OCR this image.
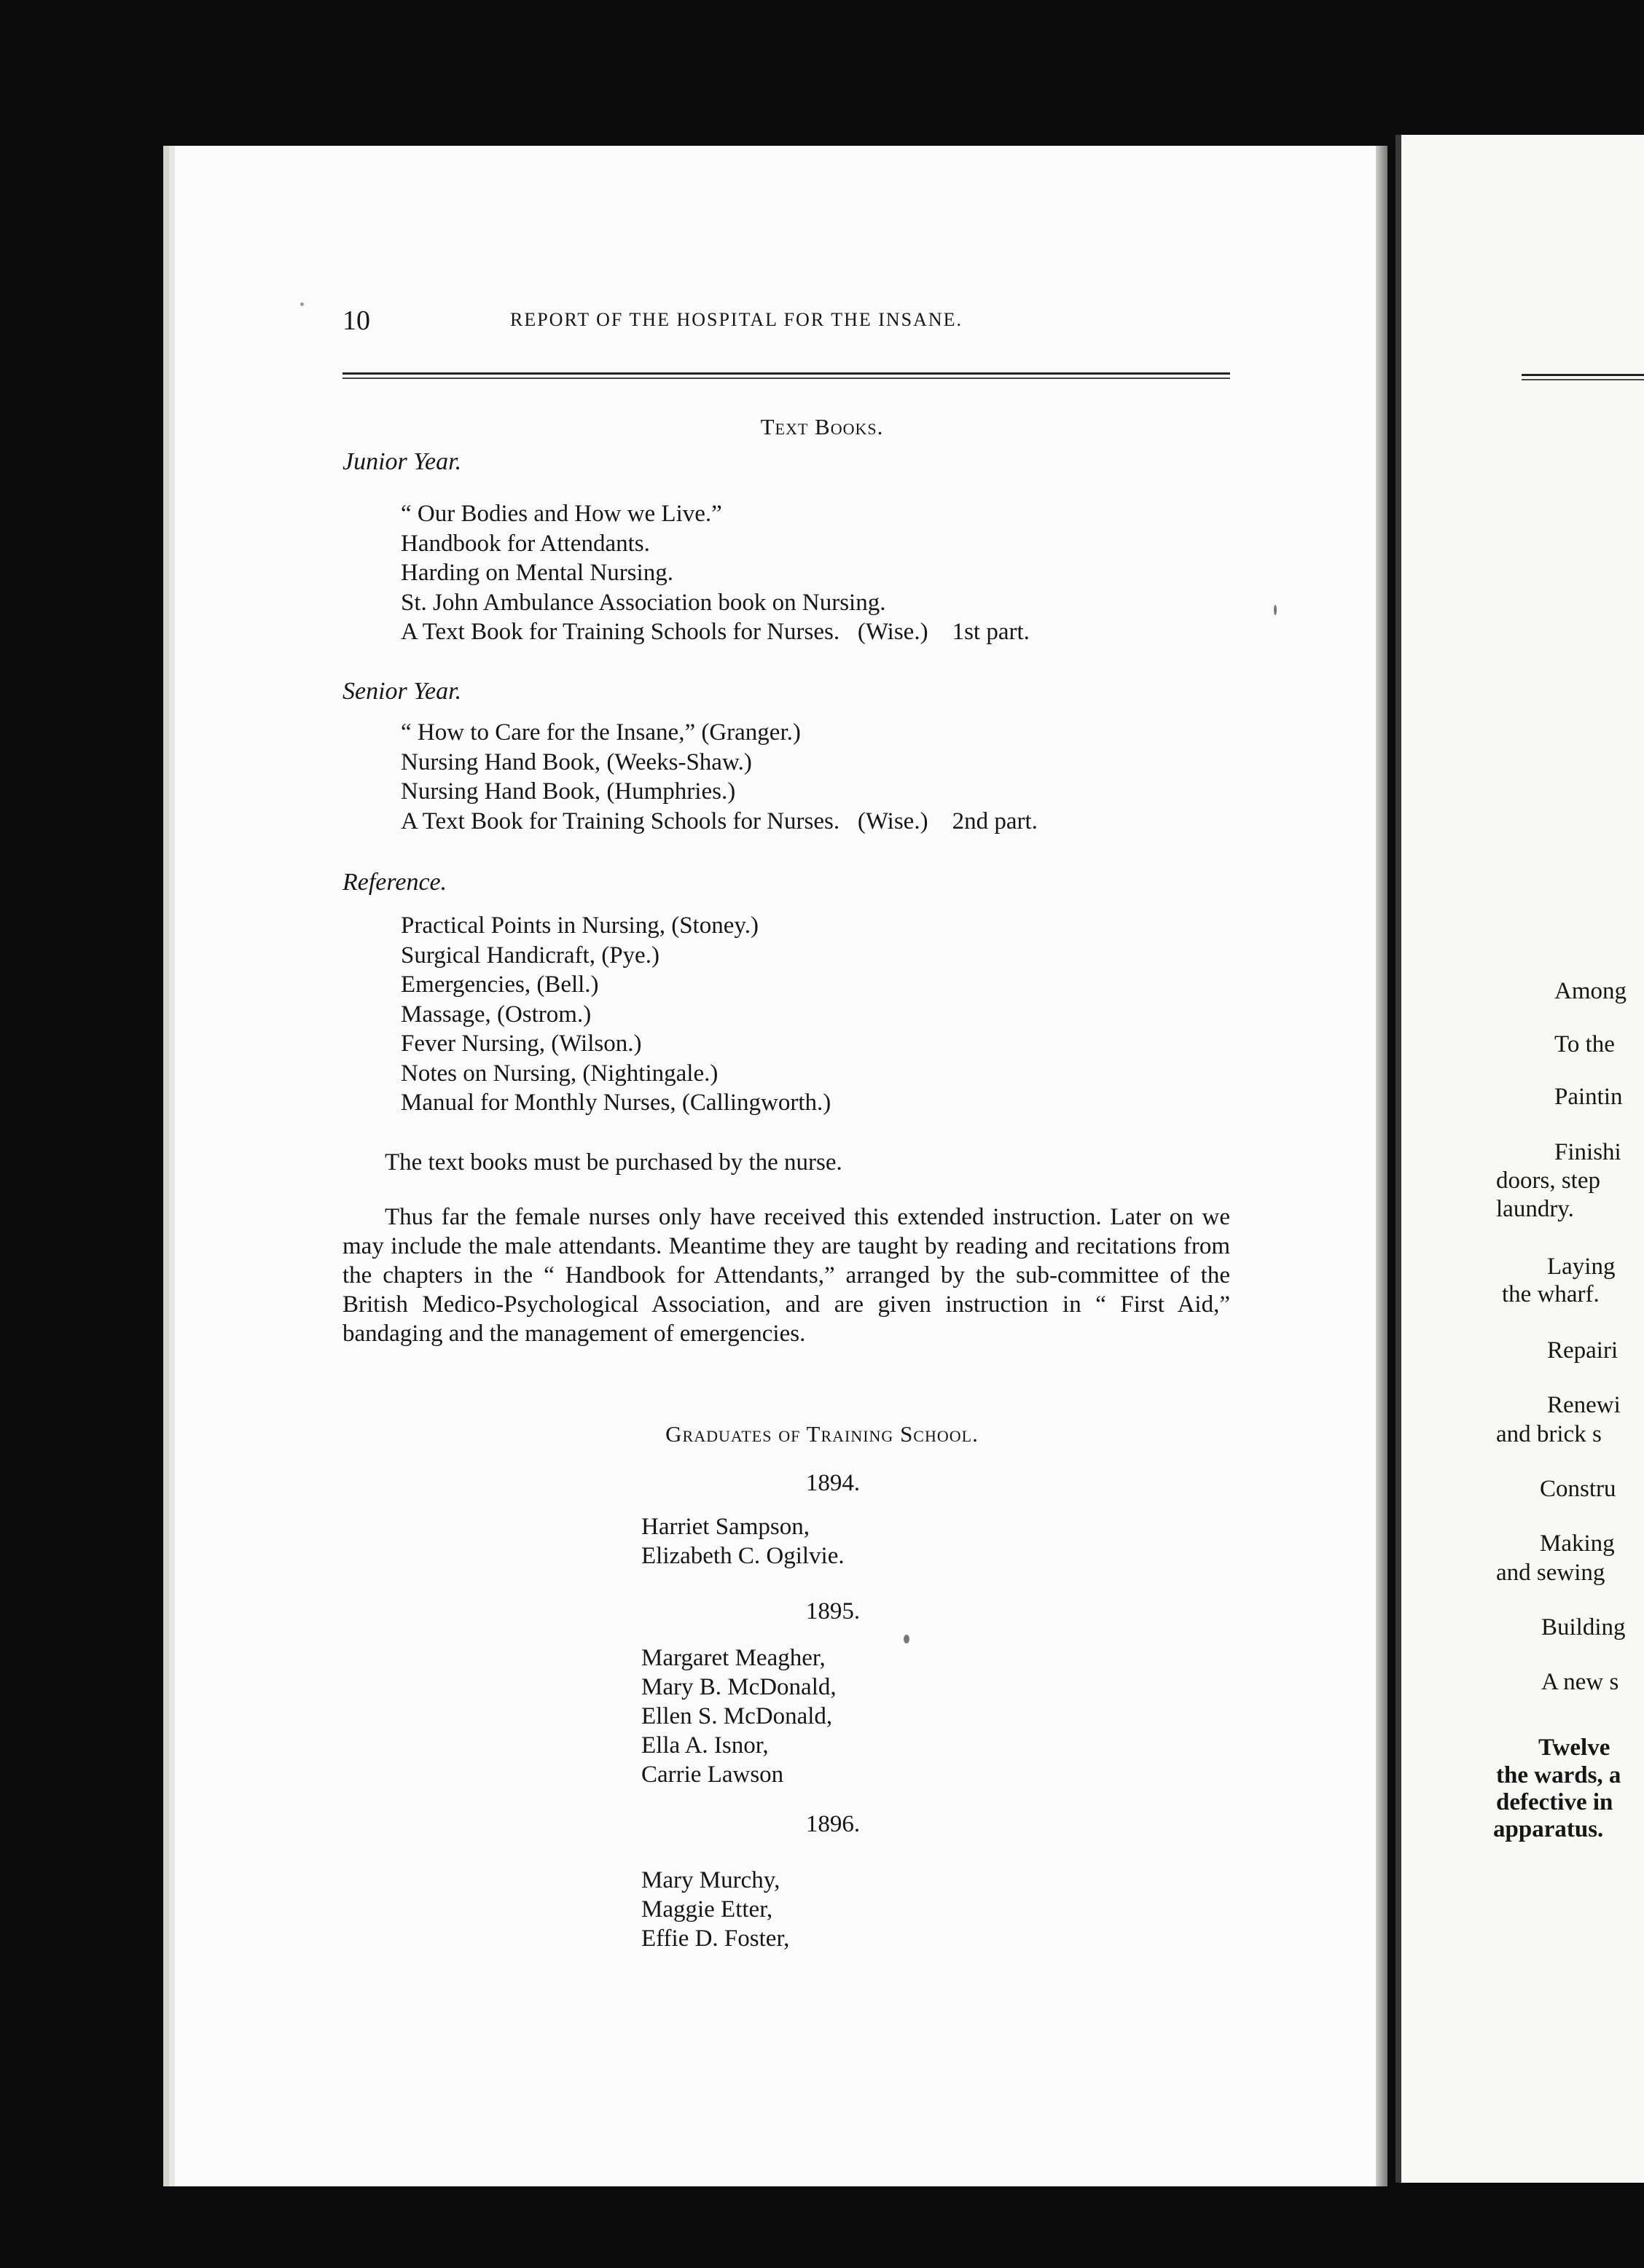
10	REPORT OF THE HOSPITAL FOR THE INSANE.
Text Books.
Junior Year.
“ Our Bodies and How we Live.”
Handbook for Attendants.
Harding on Mental Nursing.
St. John Ambulance Association book on Nursing.
A Text Book for Training Schools for Nurses. (Wise.) 1st part.
Senior Year.
“ How to Care for the Insane,” (Granger.)
Nursing Hand Book, (Weeks-Shaw.)
Nursing Hand Book, (Humphries.)
A Text Book for Training Schools for Nurses. (Wise.) 2nd part.
Reference.
Practical Points in Nursing, (Stoney.)
Surgical Handicraft, (Pye.)
Emergencies, (Bell.)
Massage, (Ostrom.)
Fever Nursing, (Wilson.)
Notes on Nursing, (Nightingale.)
Manual for Monthly Nurses, (Callingworth.)

The text books must be purchased by the nurse.

Thus far the female nurses only have received this extended instruction. Later on we may include the male attendants. Meantime they are taught by reading and recitations from the chapters in the “ Handbook for Attendants,” arranged by the sub-committee of the British Medico-Psychological Association, and are given instruction in “ First Aid,” bandaging and the management of emergencies.

Graduates of Training School.
1894.
Harriet Sampson,
Elizabeth C. Ogilvie.
1895.
Margaret Meagher,
Mary B. McDonald,
Ellen S. McDonald,
Ella A. Isnor,
Carrie Lawson
1896.
Mary Murchy,
Maggie Etter,
Effie D. Foster,
Among
To the
Paintin
Finishi
doors, step
laundry.
Laying
the wharf.
Repairi
Renewi
and brick s
Constru
Making
and sewing
Building
A new s
Twelve
the wards, a
defective in
apparatus.
